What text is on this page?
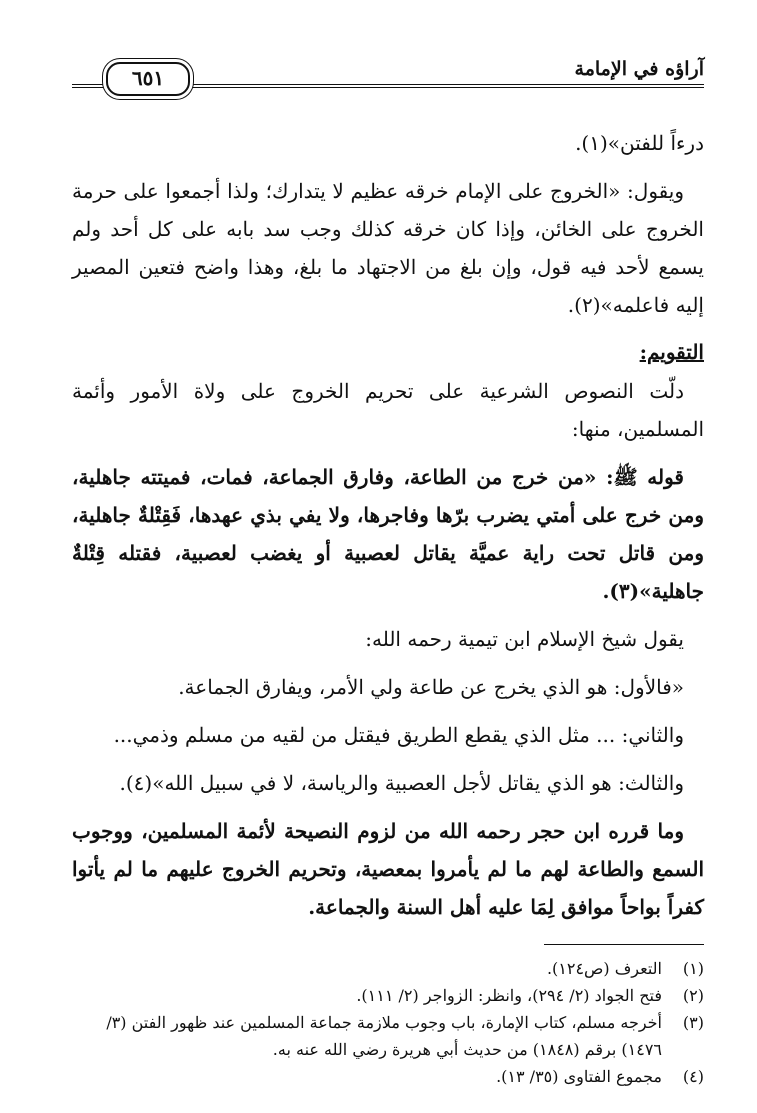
آراؤه في الإمامة
٦٥١

درءاً للفتن»(١).

ويقول: «الخروج على الإمام خرقه عظيم لا يتدارك؛ ولذا أجمعوا على حرمة الخروج على الخائن، وإذا كان خرقه كذلك وجب سد بابه على كل أحد ولم يسمع لأحد فيه قول، وإن بلغ من الاجتهاد ما بلغ، وهذا واضح فتعين المصير إليه فاعلمه»(٢).

التقويم:

دلّت النصوص الشرعية على تحريم الخروج على ولاة الأمور وأئمة المسلمين، منها:

قوله ﷺ: «من خرج من الطاعة، وفارق الجماعة، فمات، فميتته جاهلية، ومن خرج على أمتي يضرب برّها وفاجرها، ولا يفي بذي عهدها، فَقِتْلةٌ جاهلية، ومن قاتل تحت راية عميَّة يقاتل لعصبية أو يغضب لعصبية، فقتله قِتْلةٌ جاهلية»(٣).

يقول شيخ الإسلام ابن تيمية رحمه الله:

«فالأول: هو الذي يخرج عن طاعة ولي الأمر، ويفارق الجماعة.

والثاني: ... مثل الذي يقطع الطريق فيقتل من لقيه من مسلم وذمي...

والثالث: هو الذي يقاتل لأجل العصبية والرياسة، لا في سبيل الله»(٤).

وما قرره ابن حجر رحمه الله من لزوم النصيحة لأئمة المسلمين، ووجوب السمع والطاعة لهم ما لم يأمروا بمعصية، وتحريم الخروج عليهم ما لم يأتوا كفراً بواحاً موافق لِمَا عليه أهل السنة والجماعة.

(١)
التعرف (ص١٢٤).
(٢)
فتح الجواد (٢/ ٢٩٤)، وانظر: الزواجر (٢/ ١١١).
(٣)
أخرجه مسلم، كتاب الإمارة، باب وجوب ملازمة جماعة المسلمين عند ظهور الفتن (٣/ ١٤٧٦) برقم (١٨٤٨) من حديث أبي هريرة رضي الله عنه به.
(٤)
مجموع الفتاوى (٣٥/ ١٣).
